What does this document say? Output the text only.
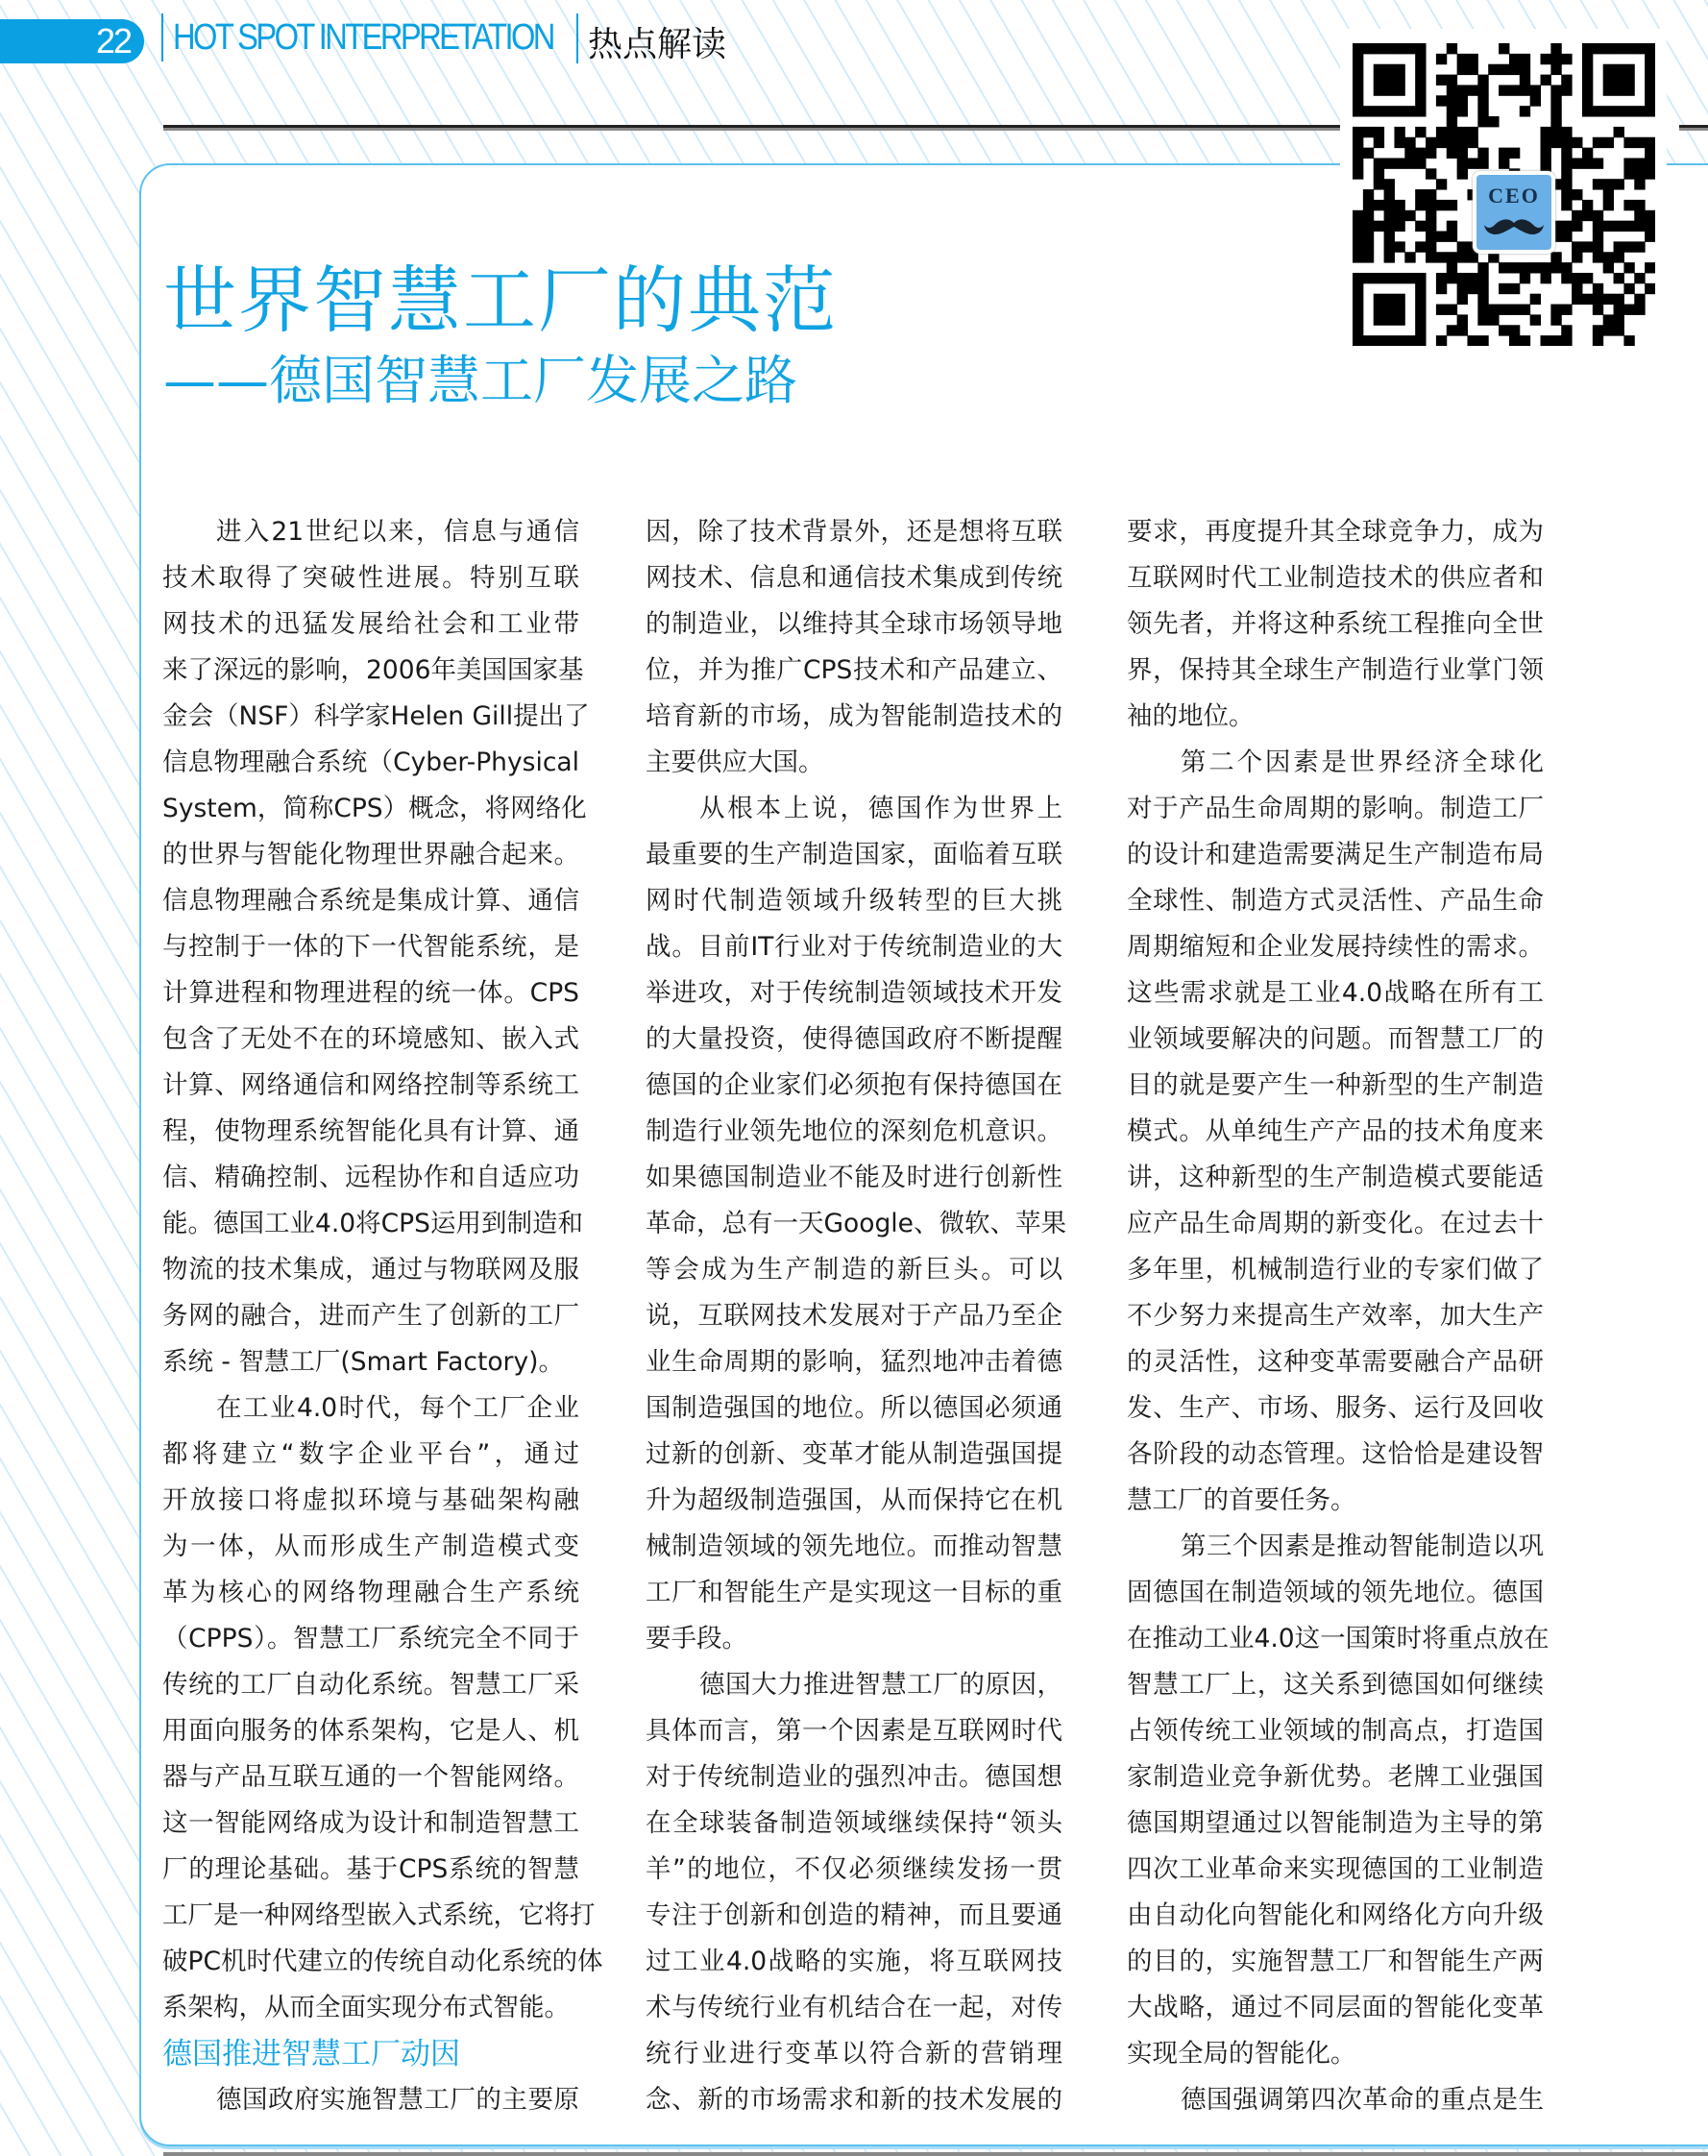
22 HOT SPOT INTERPRETATION 热点解读
CEO
世界智慧工厂的典范
——德国智慧工厂发展之路
进入21世纪以来，信息与通信
技术取得了突破性进展。特别互联
网技术的迅猛发展给社会和工业带
来了深远的影响，2006年美国国家基
金会（NSF）科学家Helen Gill提出了
信息物理融合系统（Cyber-Physical
System，简称CPS）概念，将网络化
的世界与智能化物理世界融合起来。
信息物理融合系统是集成计算、通信
与控制于一体的下一代智能系统，是
计算进程和物理进程的统一体。CPS
包含了无处不在的环境感知、嵌入式
计算、网络通信和网络控制等系统工
程，使物理系统智能化具有计算、通
信、精确控制、远程协作和自适应功
能。德国工业4.0将CPS运用到制造和
物流的技术集成，通过与物联网及服
务网的融合，进而产生了创新的工厂
系统 - 智慧工厂(Smart Factory)。
在工业4.0时代，每个工厂企业
都将建立“数字企业平台”，通过
开放接口将虚拟环境与基础架构融
为一体，从而形成生产制造模式变
革为核心的网络物理融合生产系统
（CPPS）。智慧工厂系统完全不同于
传统的工厂自动化系统。智慧工厂采
用面向服务的体系架构，它是人、机
器与产品互联互通的一个智能网络。
这一智能网络成为设计和制造智慧工
厂的理论基础。基于CPS系统的智慧
工厂是一种网络型嵌入式系统，它将打
破PC机时代建立的传统自动化系统的体
系架构，从而全面实现分布式智能。
德国推进智慧工厂动因
德国政府实施智慧工厂的主要原
因，除了技术背景外，还是想将互联
网技术、信息和通信技术集成到传统
的制造业，以维持其全球市场领导地
位，并为推广CPS技术和产品建立、
培育新的市场，成为智能制造技术的
主要供应大国。
从根本上说，德国作为世界上
最重要的生产制造国家，面临着互联
网时代制造领域升级转型的巨大挑
战。目前IT行业对于传统制造业的大
举进攻，对于传统制造领域技术开发
的大量投资，使得德国政府不断提醒
德国的企业家们必须抱有保持德国在
制造行业领先地位的深刻危机意识。
如果德国制造业不能及时进行创新性
革命，总有一天Google、微软、苹果
等会成为生产制造的新巨头。可以
说，互联网技术发展对于产品乃至企
业生命周期的影响，猛烈地冲击着德
国制造强国的地位。所以德国必须通
过新的创新、变革才能从制造强国提
升为超级制造强国，从而保持它在机
械制造领域的领先地位。而推动智慧
工厂和智能生产是实现这一目标的重
要手段。
德国大力推进智慧工厂的原因，
具体而言，第一个因素是互联网时代
对于传统制造业的强烈冲击。德国想
在全球装备制造领域继续保持“领头
羊”的地位，不仅必须继续发扬一贯
专注于创新和创造的精神，而且要通
过工业4.0战略的实施，将互联网技
术与传统行业有机结合在一起，对传
统行业进行变革以符合新的营销理
念、新的市场需求和新的技术发展的
要求，再度提升其全球竞争力，成为
互联网时代工业制造技术的供应者和
领先者，并将这种系统工程推向全世
界，保持其全球生产制造行业掌门领
袖的地位。
第二个因素是世界经济全球化
对于产品生命周期的影响。制造工厂
的设计和建造需要满足生产制造布局
全球性、制造方式灵活性、产品生命
周期缩短和企业发展持续性的需求。
这些需求就是工业4.0战略在所有工
业领域要解决的问题。而智慧工厂的
目的就是要产生一种新型的生产制造
模式。从单纯生产产品的技术角度来
讲，这种新型的生产制造模式要能适
应产品生命周期的新变化。在过去十
多年里，机械制造行业的专家们做了
不少努力来提高生产效率，加大生产
的灵活性，这种变革需要融合产品研
发、生产、市场、服务、运行及回收
各阶段的动态管理。这恰恰是建设智
慧工厂的首要任务。
第三个因素是推动智能制造以巩
固德国在制造领域的领先地位。德国
在推动工业4.0这一国策时将重点放在
智慧工厂上，这关系到德国如何继续
占领传统工业领域的制高点，打造国
家制造业竞争新优势。老牌工业强国
德国期望通过以智能制造为主导的第
四次工业革命来实现德国的工业制造
由自动化向智能化和网络化方向升级
的目的，实施智慧工厂和智能生产两
大战略，通过不同层面的智能化变革
实现全局的智能化。
德国强调第四次革命的重点是生
